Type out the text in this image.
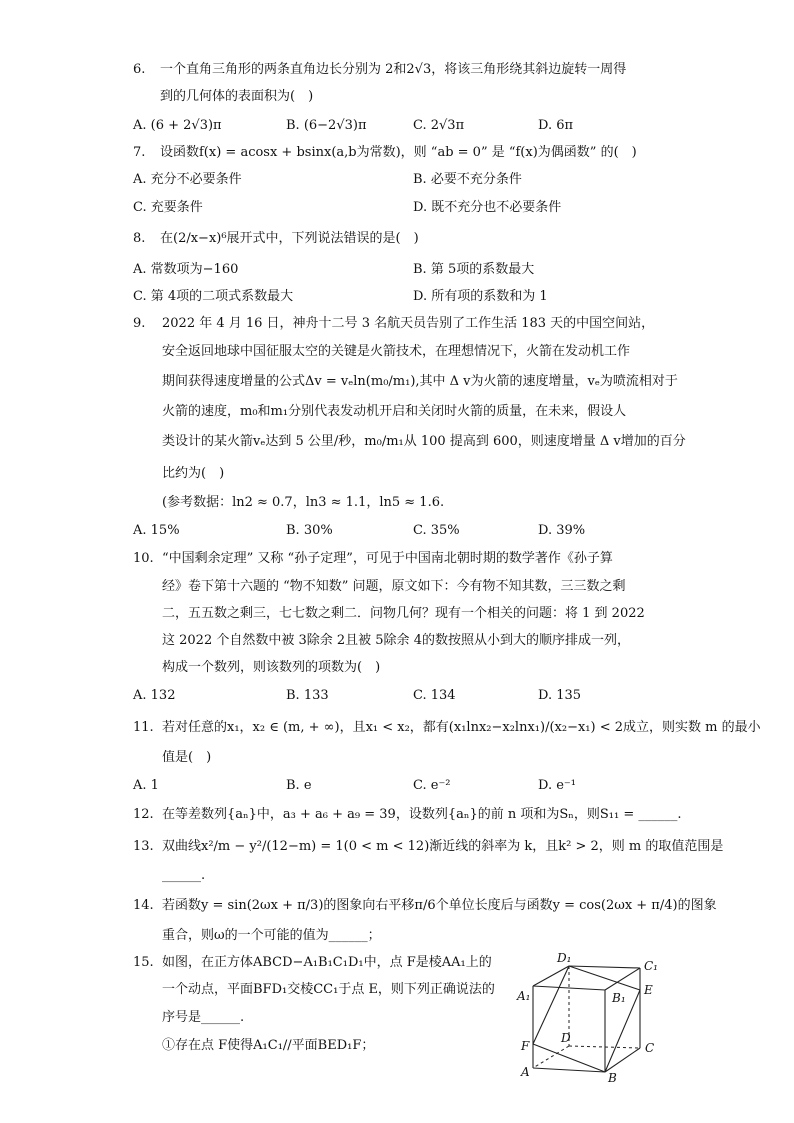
6. 一个直角三角形的两条直角边长分别为 2和2√3，将该三角形绕其斜边旋转一周得
到的几何体的表面积为(　)
A. (6 + 2√3)π	B. (6−2√3)π	C. 2√3π	D. 6π
7. 设函数f(x) = acosx + bsinx(a,b为常数)，则 “ab = 0” 是 “f(x)为偶函数” 的(　)
A. 充分不必要条件	B. 必要不充分条件
C. 充要条件	D. 既不充分也不必要条件
8. 在(2/x−x)⁶展开式中，下列说法错误的是(　)
A. 常数项为−160	B. 第 5项的系数最大
C. 第 4项的二项式系数最大	D. 所有项的系数和为 1
9. 2022 年 4 月 16 日，神舟十二号 3 名航天员告别了工作生活 183 天的中国空间站，
安全返回地球中国征服太空的关键是火箭技术，在理想情况下，火箭在发动机工作
期间获得速度增量的公式Δv = vₑln(m₀/m₁),其中 Δ v为火箭的速度增量，vₑ为喷流相对于
火箭的速度，m₀和m₁分别代表发动机开启和关闭时火箭的质量，在未来，假设人
类设计的某火箭vₑ达到 5 公里/秒，m₀/m₁从 100 提高到 600，则速度增量 Δ v增加的百分
比约为(　)
(参考数据：ln2 ≈ 0.7，ln3 ≈ 1.1，ln5 ≈ 1.6.
A. 15%	B. 30%	C. 35%	D. 39%
10. “中国剩余定理” 又称 “孙子定理”，可见于中国南北朝时期的数学著作《孙子算
经》卷下第十六题的 “物不知数” 问题，原文如下：今有物不知其数，三三数之剩
二，五五数之剩三，七七数之剩二．问物几何？现有一个相关的问题：将 1 到 2022
这 2022 个自然数中被 3除余 2且被 5除余 4的数按照从小到大的顺序排成一列，
构成一个数列，则该数列的项数为(　)
A. 132	B. 133	C. 134	D. 135
11. 若对任意的x₁，x₂ ∈ (m, + ∞)，且x₁ < x₂，都有(x₁lnx₂−x₂lnx₁)/(x₂−x₁) < 2成立，则实数 m 的最小
值是(　)
A. 1	B. e	C. e⁻²	D. e⁻¹
12. 在等差数列{aₙ}中，a₃ + a₆ + a₉ = 39，设数列{aₙ}的前 n 项和为Sₙ，则S₁₁ = ______.
13. 双曲线x²/m − y²/(12−m) = 1(0 < m < 12)渐近线的斜率为 k，且k² > 2，则 m 的取值范围是
______.
14. 若函数y = sin(2ωx + π/3)的图象向右平移π/6个单位长度后与函数y = cos(2ωx + π/4)的图象
重合，则ω的一个可能的值为______；
15. 如图，在正方体ABCD−A₁B₁C₁D₁中，点 F是棱AA₁上的
一个动点，平面BFD₁交棱CC₁于点 E，则下列正确说法的
序号是______.
①存在点 F使得A₁C₁//平面BED₁F；
D₁
C₁
A₁	B₁
E
F
D
C
A	B
